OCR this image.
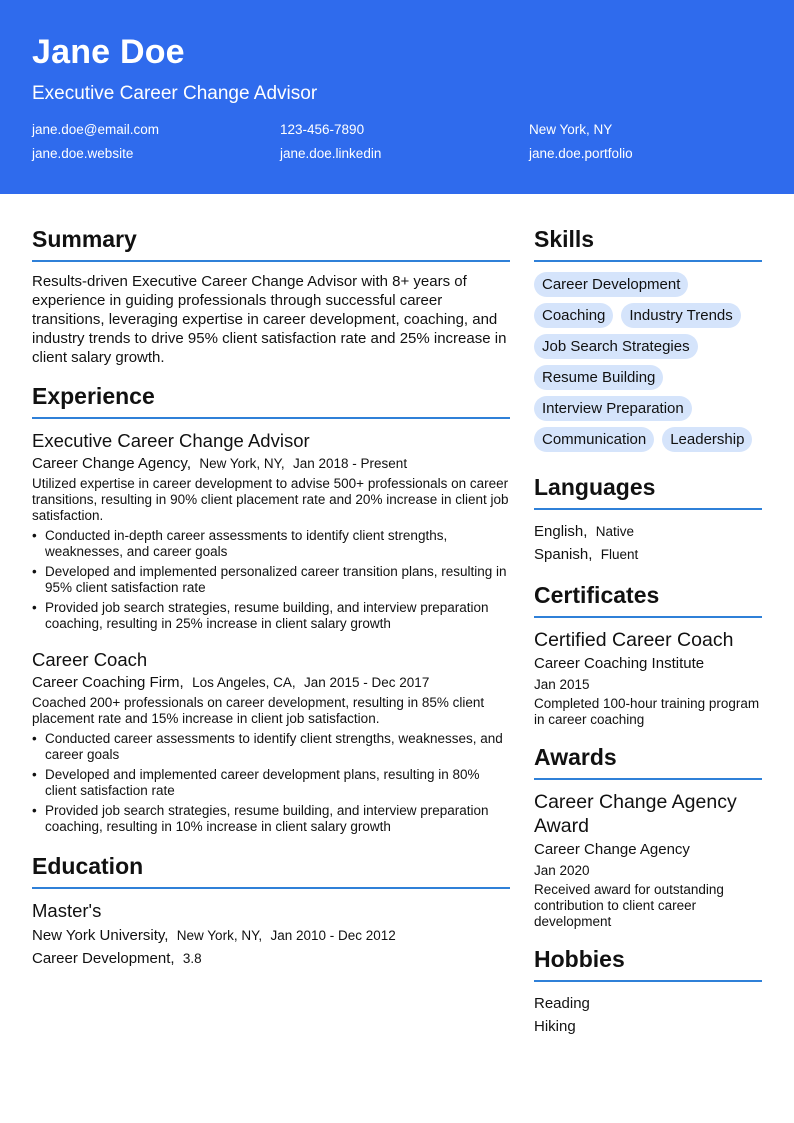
Jane Doe
Executive Career Change Advisor
jane.doe@email.com	123-456-7890	New York, NY
jane.doe.website	jane.doe.linkedin	jane.doe.portfolio
Summary
Results-driven Executive Career Change Advisor with 8+ years of experience in guiding professionals through successful career transitions, leveraging expertise in career development, coaching, and industry trends to drive 95% client satisfaction rate and 25% increase in client salary growth.
Experience
Executive Career Change Advisor
Career Change Agency, New York, NY, Jan 2018 - Present
Utilized expertise in career development to advise 500+ professionals on career transitions, resulting in 90% client placement rate and 20% increase in client job satisfaction.
• Conducted in-depth career assessments to identify client strengths, weaknesses, and career goals
• Developed and implemented personalized career transition plans, resulting in 95% client satisfaction rate
• Provided job search strategies, resume building, and interview preparation coaching, resulting in 25% increase in client salary growth
Career Coach
Career Coaching Firm, Los Angeles, CA, Jan 2015 - Dec 2017
Coached 200+ professionals on career development, resulting in 85% client placement rate and 15% increase in client job satisfaction.
• Conducted career assessments to identify client strengths, weaknesses, and career goals
• Developed and implemented career development plans, resulting in 80% client satisfaction rate
• Provided job search strategies, resume building, and interview preparation coaching, resulting in 10% increase in client salary growth
Education
Master's
New York University, New York, NY, Jan 2010 - Dec 2012
Career Development, 3.8
Skills
Career Development
Coaching	Industry Trends
Job Search Strategies
Resume Building
Interview Preparation
Communication	Leadership
Languages
English, Native
Spanish, Fluent
Certificates
Certified Career Coach
Career Coaching Institute
Jan 2015
Completed 100-hour training program in career coaching
Awards
Career Change Agency Award
Career Change Agency
Jan 2020
Received award for outstanding contribution to client career development
Hobbies
Reading
Hiking
